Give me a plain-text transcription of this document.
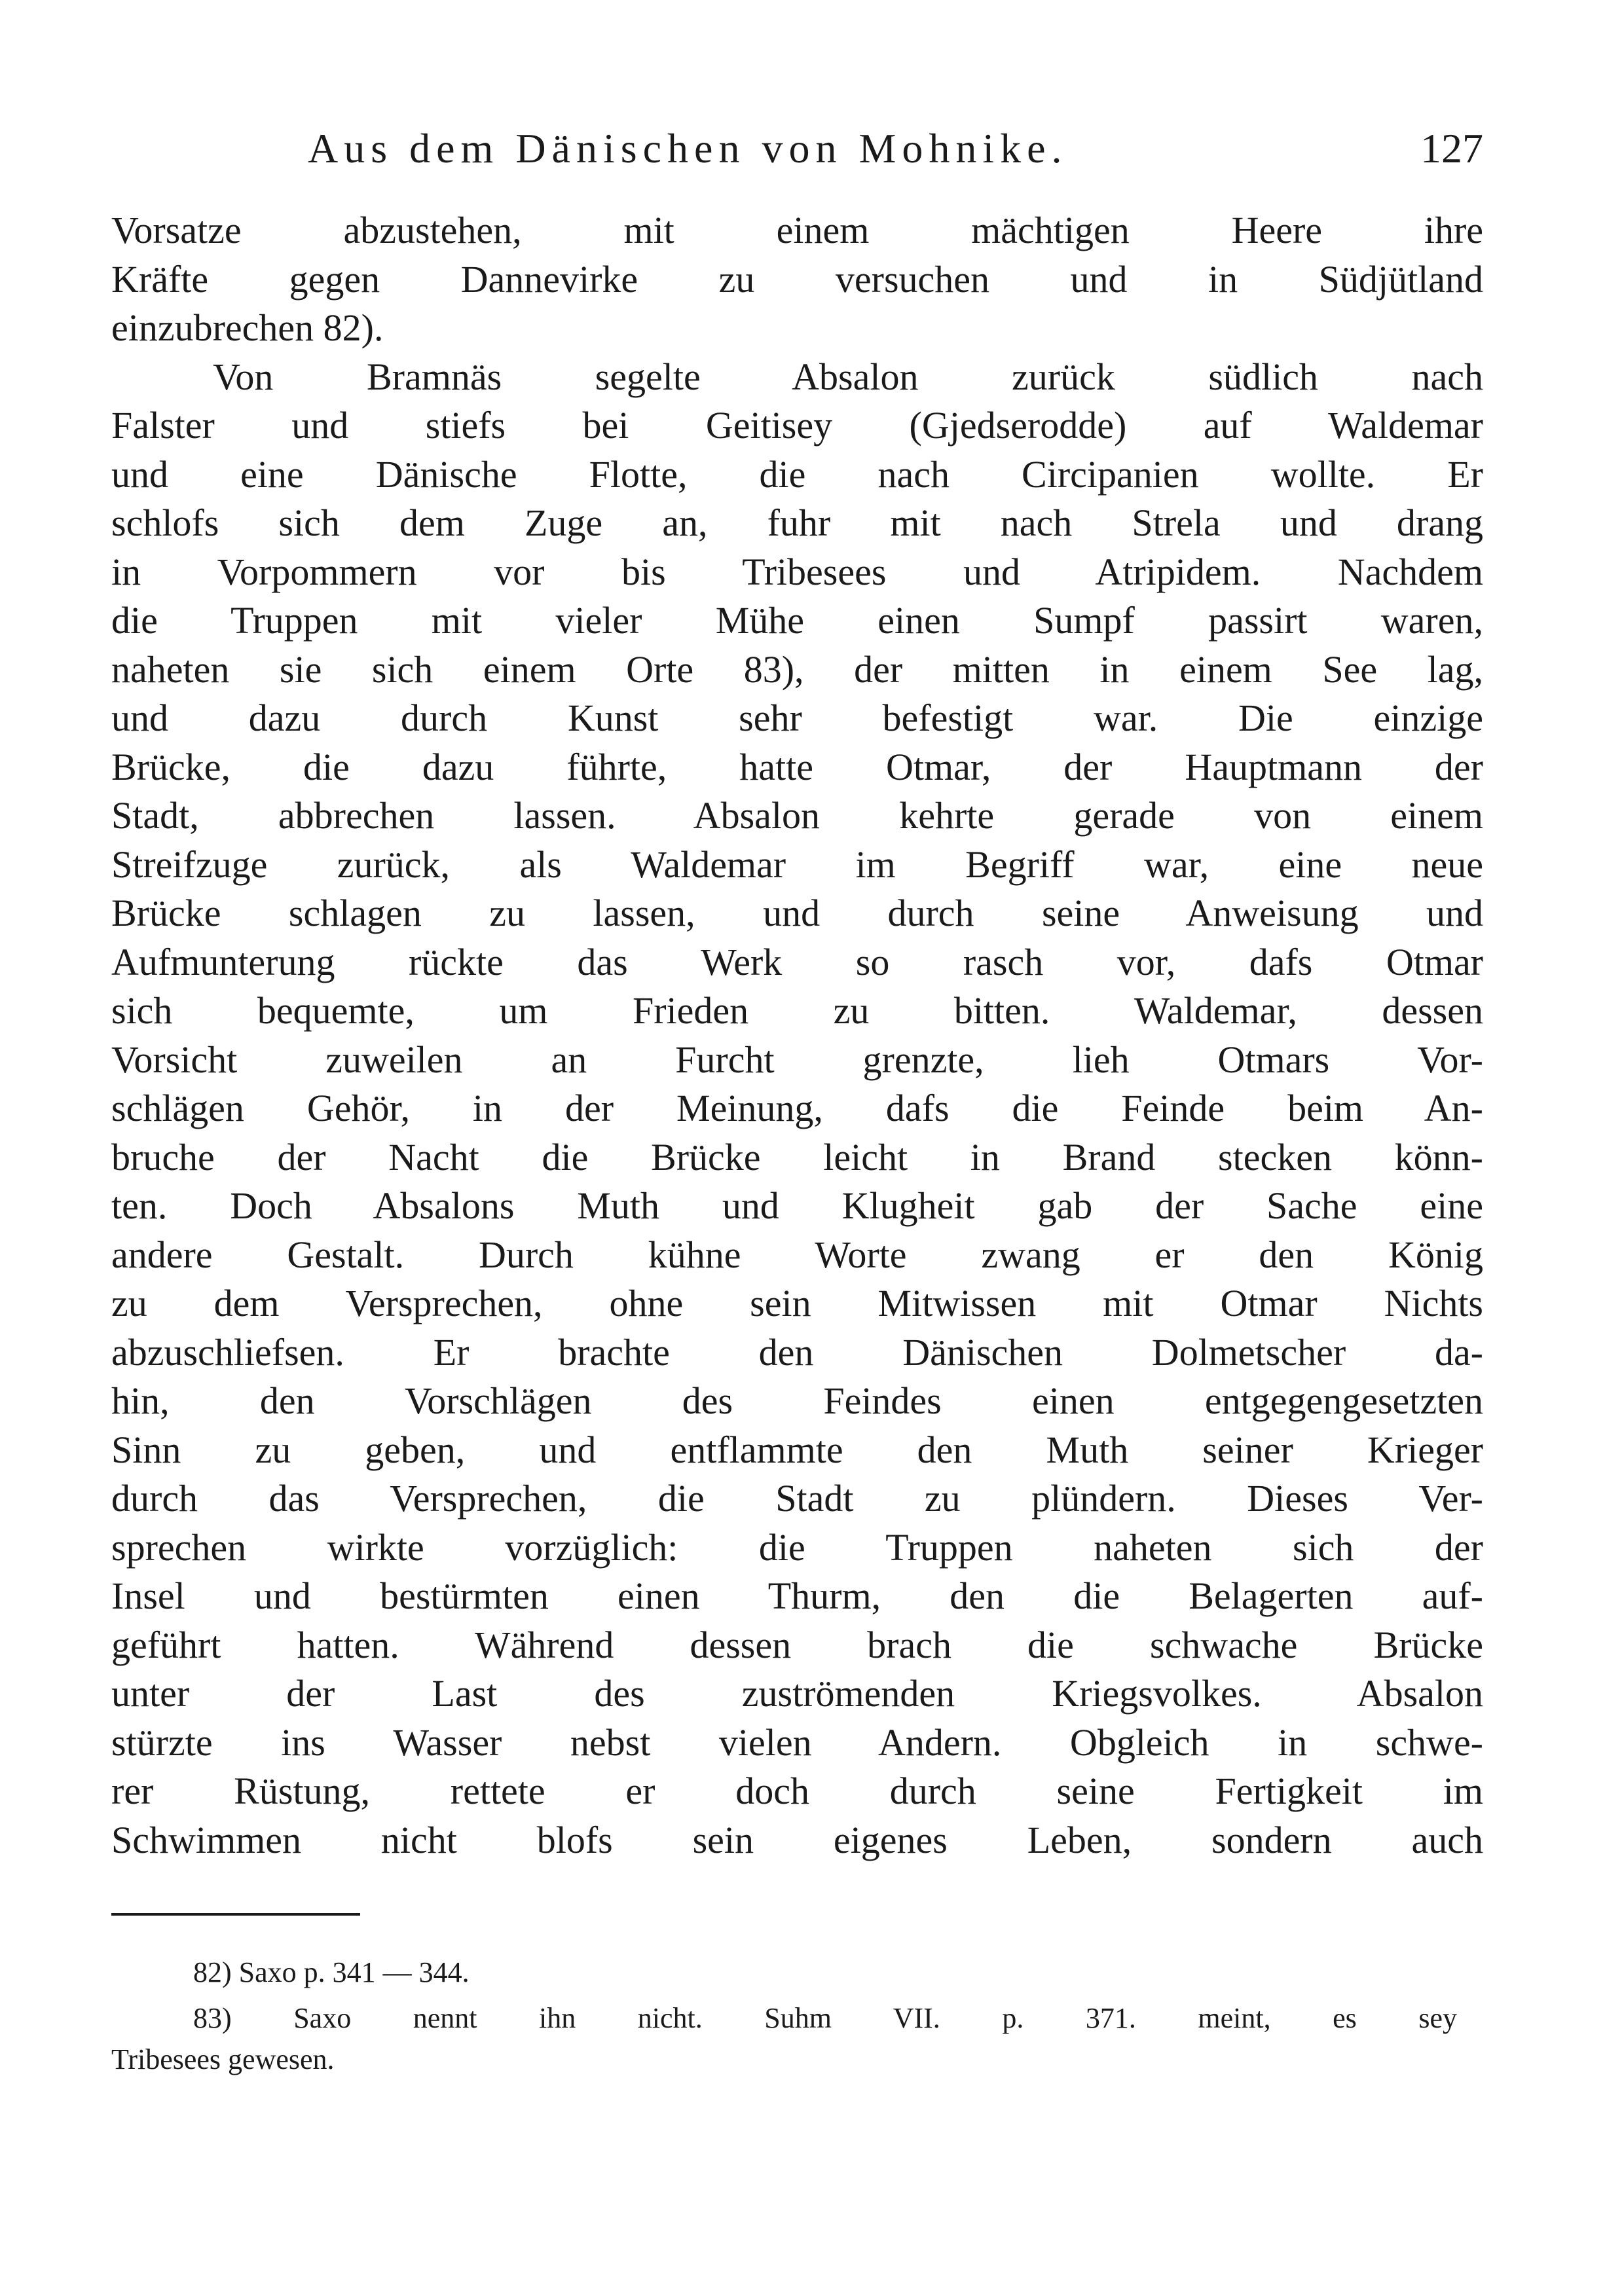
Aus dem Dänischen von Mohnike.	127
Vorsatze abzustehen, mit einem mächtigen Heere ihre
Kräfte gegen Dannevirke zu versuchen und in Südjütland
einzubrechen 82).
Von Bramnäs segelte Absalon zurück südlich nach
Falster und stiefs bei Geitisey (Gjedserodde) auf Waldemar
und eine Dänische Flotte, die nach Circipanien wollte. Er
schlofs sich dem Zuge an, fuhr mit nach Strela und drang
in Vorpommern vor bis Tribesees und Atripidem. Nachdem
die Truppen mit vieler Mühe einen Sumpf passirt waren,
naheten sie sich einem Orte 83), der mitten in einem See lag,
und dazu durch Kunst sehr befestigt war. Die einzige
Brücke, die dazu führte, hatte Otmar, der Hauptmann der
Stadt, abbrechen lassen. Absalon kehrte gerade von einem
Streifzuge zurück, als Waldemar im Begriff war, eine neue
Brücke schlagen zu lassen, und durch seine Anweisung und
Aufmunterung rückte das Werk so rasch vor, dafs Otmar
sich bequemte, um Frieden zu bitten. Waldemar, dessen
Vorsicht zuweilen an Furcht grenzte, lieh Otmars Vor-
schlägen Gehör, in der Meinung, dafs die Feinde beim An-
bruche der Nacht die Brücke leicht in Brand stecken könn-
ten. Doch Absalons Muth und Klugheit gab der Sache eine
andere Gestalt. Durch kühne Worte zwang er den König
zu dem Versprechen, ohne sein Mitwissen mit Otmar Nichts
abzuschliefsen. Er brachte den Dänischen Dolmetscher da-
hin, den Vorschlägen des Feindes einen entgegengesetzten
Sinn zu geben, und entflammte den Muth seiner Krieger
durch das Versprechen, die Stadt zu plündern. Dieses Ver-
sprechen wirkte vorzüglich: die Truppen naheten sich der
Insel und bestürmten einen Thurm, den die Belagerten auf-
geführt hatten. Während dessen brach die schwache Brücke
unter der Last des zuströmenden Kriegsvolkes. Absalon
stürzte ins Wasser nebst vielen Andern. Obgleich in schwe-
rer Rüstung, rettete er doch durch seine Fertigkeit im
Schwimmen nicht blofs sein eigenes Leben, sondern auch
82) Saxo p. 341 — 344.
83) Saxo nennt ihn nicht. Suhm VII. p. 371. meint, es sey
Tribesees gewesen.
